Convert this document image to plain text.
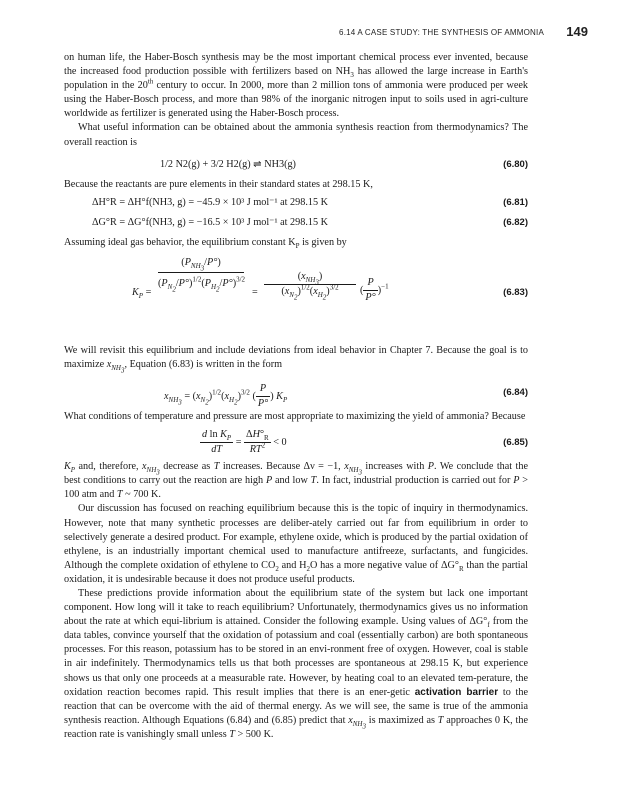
6.14 A CASE STUDY: THE SYNTHESIS OF AMMONIA 149

on human life, the Haber-Bosch synthesis may be the most important chemical process ever invented, because the increased food production possible with fertilizers based on $NH_3$ has allowed the large increase in Earth's population in the 20th century to occur. In 2000, more than 2 million tons of ammonia were produced per week using the Haber-Bosch process, and more than 98% of the inorganic nitrogen input to soils used in agri-culture worldwide as fertilizer is generated using the Haber-Bosch process.

What useful information can be obtained about the ammonia synthesis reaction from thermodynamics? The overall reaction is

1/2 N2(g) + 3/2 H2(g) ⇌ NH3(g)	(6.80)

Because the reactants are pure elements in their standard states at 298.15 K,

ΔH°R = ΔH°f(NH3, g) = −45.9 × 10³ J mol⁻¹ at 298.15 K	(6.81)
ΔG°R = ΔG°f(NH3, g) = −16.5 × 10³ J mol⁻¹ at 298.15 K	(6.82)

Assuming ideal gas behavior, the equilibrium constant $K_P$ is given by

$K_P$ =
$(P_{NH_3}/P^\circ)$
$(P_{N_2}/P^\circ)^{1/2}(P_{H_2}/P^\circ)^{3/2}$
=
$(x_{NH_3})$
$(x_{N_2})^{1/2}(x_{H_2})^{3/2}$	( $\frac{P}{P^\circ} )^{-1}$
(6.83)

We will revisit this equilibrium and include deviations from ideal behavior in Chapter 7. Because the goal is to maximize $x_{NH_3}$, Equation (6.83) is written in the form

$x_{NH_3} = (x_{N_2})^{1/2}(x_{H_2})^{3/2}$ ( $\frac{P}{P^\circ}$ ) $K_P$
(6.84)

What conditions of temperature and pressure are most appropriate to maximizing the yield of ammonia? Because

$\frac{d \ln K_P}{dT} = \frac{\Delta H^\circ_R}{RT^2} < 0$	(6.85)

$K_P$ and, therefore, $x_{NH_3}$ decrease as T increases. Because Δν = −1, $x_{NH_3}$ increases with P. We conclude that the best conditions to carry out the reaction are high P and low T. In fact, industrial production is carried out for P > 100 atm and T ~ 700 K.

Our discussion has focused on reaching equilibrium because this is the topic of inquiry in thermodynamics. However, note that many synthetic processes are deliber-ately carried out far from equilibrium in order to selectively generate a desired product. For example, ethylene oxide, which is produced by the partial oxidation of ethylene, is an industrially important chemical used to manufacture antifreeze, surfactants, and fungicides. Although the complete oxidation of ethylene to $CO_2$ and $H_2O$ has a more negative value of $\Delta G^\circ_R$ than the partial oxidation, it is undesirable because it does not produce useful products.

These predictions provide information about the equilibrium state of the system but lack one important component. How long will it take to reach equilibrium? Unfortunately, thermodynamics gives us no information about the rate at which equi-librium is attained. Consider the following example. Using values of $\Delta G^\circ_f$ from the data tables, convince yourself that the oxidation of potassium and coal (essentially carbon) are both spontaneous processes. For this reason, potassium has to be stored in an envi-ronment free of oxygen. However, coal is stable in air indefinitely. Thermodynamics tells us that both processes are spontaneous at 298.15 K, but experience shows us that only one proceeds at a measurable rate. However, by heating coal to an elevated tem-perature, the oxidation reaction becomes rapid. This result implies that there is an ener-getic activation barrier to the reaction that can be overcome with the aid of thermal energy. As we will see, the same is true of the ammonia synthesis reaction. Although Equations (6.84) and (6.85) predict that $x_{NH_3}$ is maximized as T approaches 0 K, the reaction rate is vanishingly small unless T > 500 K.
